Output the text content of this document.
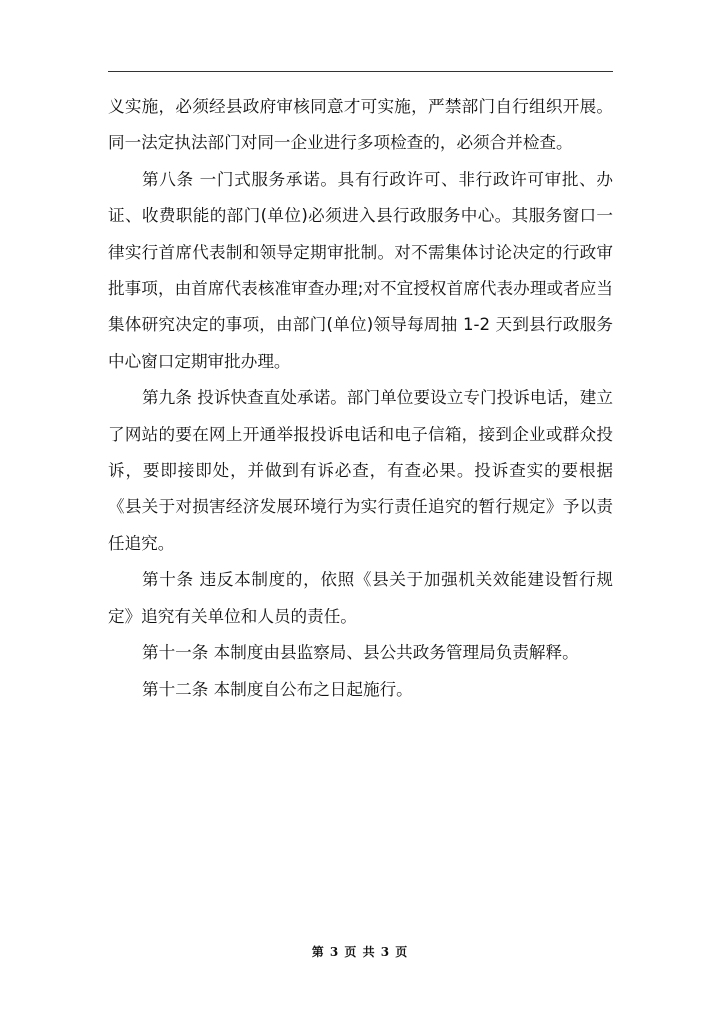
义实施，必须经县政府审核同意才可实施，严禁部门自行组织开展。同一法定执法部门对同一企业进行多项检查的，必须合并检查。

第八条 一门式服务承诺。具有行政许可、非行政许可审批、办证、收费职能的部门(单位)必须进入县行政服务中心。其服务窗口一律实行首席代表制和领导定期审批制。对不需集体讨论决定的行政审批事项，由首席代表核准审查办理;对不宜授权首席代表办理或者应当集体研究决定的事项，由部门(单位)领导每周抽 1-2 天到县行政服务中心窗口定期审批办理。

第九条 投诉快查直处承诺。部门单位要设立专门投诉电话，建立了网站的要在网上开通举报投诉电话和电子信箱，接到企业或群众投诉，要即接即处，并做到有诉必查，有查必果。投诉查实的要根据《县关于对损害经济发展环境行为实行责任追究的暂行规定》予以责任追究。

第十条 违反本制度的，依照《县关于加强机关效能建设暂行规定》追究有关单位和人员的责任。

第十一条 本制度由县监察局、县公共政务管理局负责解释。

第十二条 本制度自公布之日起施行。

第 3 页 共 3 页
